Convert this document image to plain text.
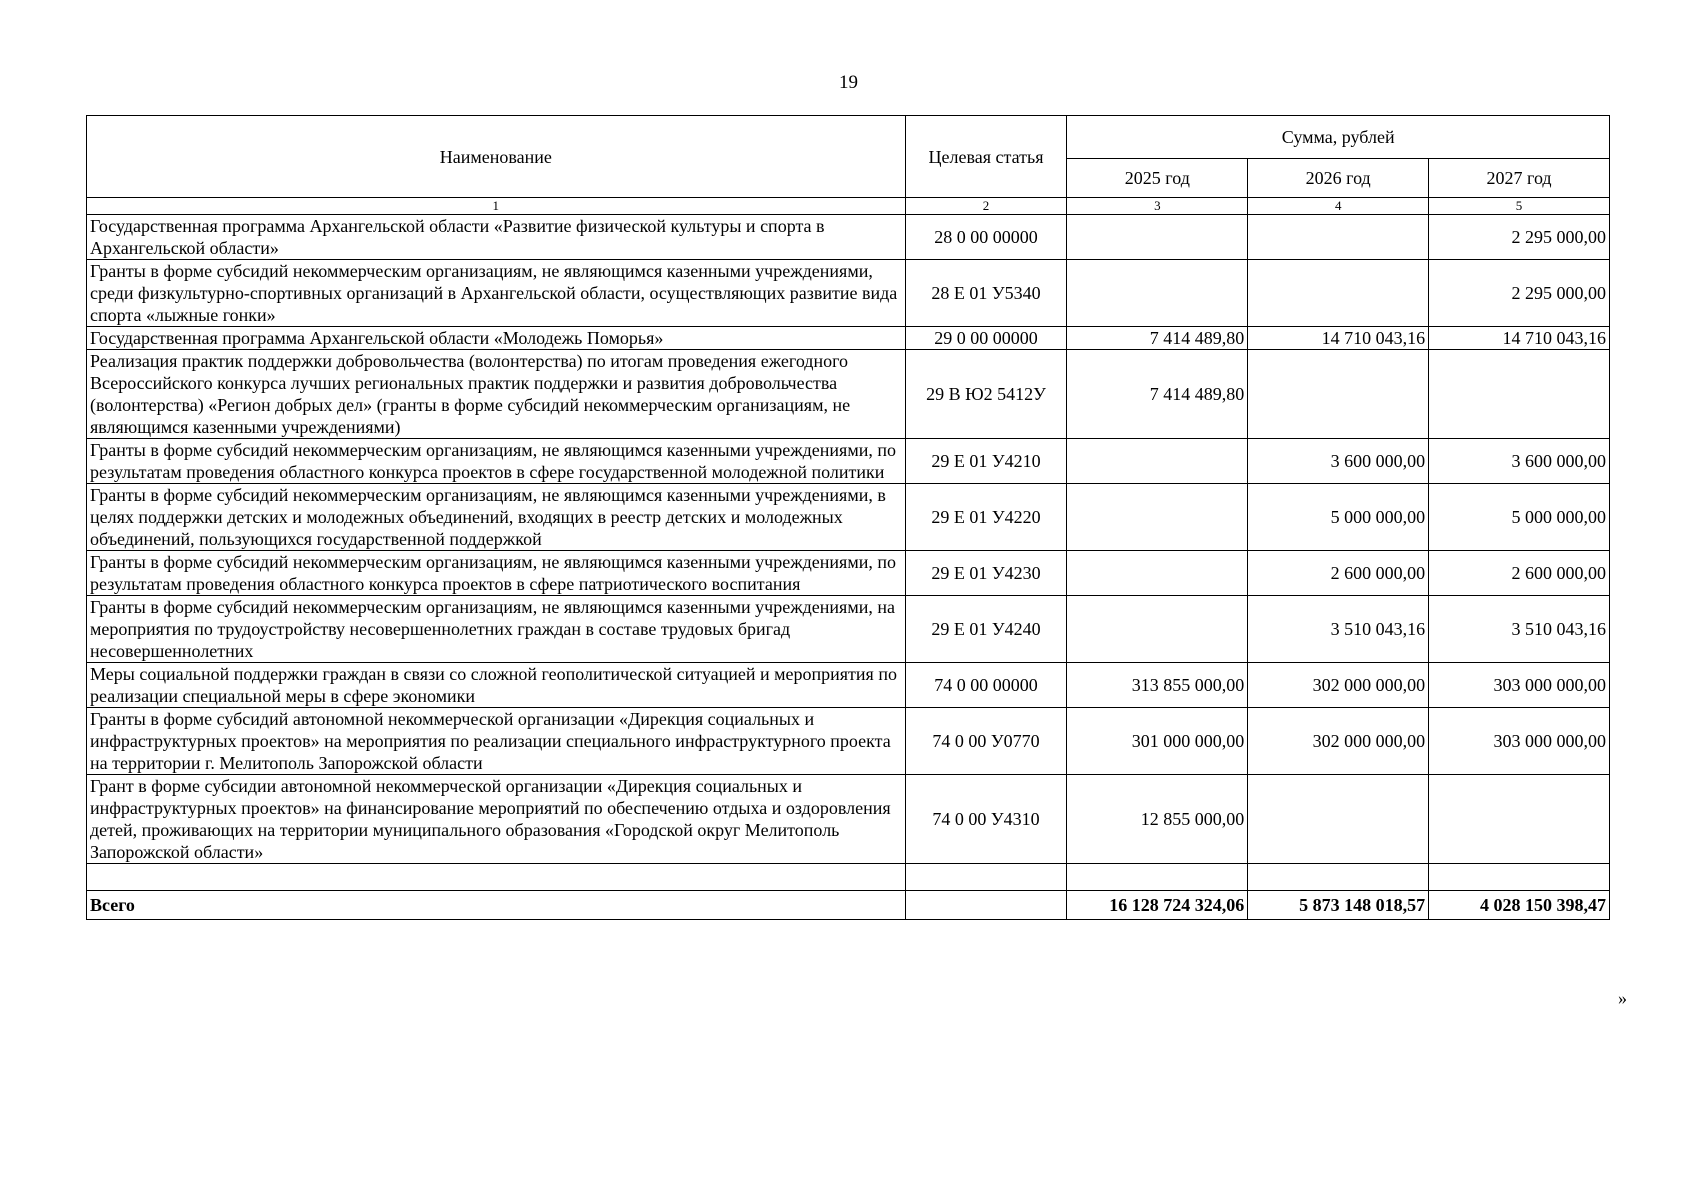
19
Наименование	Целевая статья	Сумма, рублей		
		2025 год	2026 год	2027 год
1	2	3	4	5
Государственная программа Архангельской области «Развитие физической культуры и спорта в Архангельской области»	28 0 00 00000			2 295 000,00
Гранты в форме субсидий некоммерческим организациям, не являющимся казенными учреждениями, среди физкультурно-спортивных организаций в Архангельской области, осуществляющих развитие вида спорта «лыжные гонки»	28 Е 01 У5340			2 295 000,00
Государственная программа Архангельской области «Молодежь Поморья»	29 0 00 00000	7 414 489,80	14 710 043,16	14 710 043,16
Реализация практик поддержки добровольчества (волонтерства) по итогам проведения ежегодного Всероссийского конкурса лучших региональных практик поддержки и развития добровольчества (волонтерства) «Регион добрых дел» (гранты в форме субсидий некоммерческим организациям, не являющимся казенными учреждениями)	29 В Ю2 5412У	7 414 489,80		
Гранты в форме субсидий некоммерческим организациям, не являющимся казенными учреждениями, по результатам проведения областного конкурса проектов в сфере государственной молодежной политики	29 Е 01 У4210		3 600 000,00	3 600 000,00
Гранты в форме субсидий некоммерческим организациям, не являющимся казенными учреждениями, в целях поддержки детских и молодежных объединений, входящих в реестр детских и молодежных объединений, пользующихся государственной поддержкой	29 Е 01 У4220		5 000 000,00	5 000 000,00
Гранты в форме субсидий некоммерческим организациям, не являющимся казенными учреждениями, по результатам проведения областного конкурса проектов в сфере патриотического воспитания	29 Е 01 У4230		2 600 000,00	2 600 000,00
Гранты в форме субсидий некоммерческим организациям, не являющимся казенными учреждениями, на мероприятия по трудоустройству несовершеннолетних граждан в составе трудовых бригад несовершеннолетних	29 Е 01 У4240		3 510 043,16	3 510 043,16
Меры социальной поддержки граждан в связи со сложной геополитической ситуацией и мероприятия по реализации специальной меры в сфере экономики	74 0 00 00000	313 855 000,00	302 000 000,00	303 000 000,00
Гранты в форме субсидий автономной некоммерческой организации «Дирекция социальных и инфраструктурных проектов» на мероприятия по реализации специального инфраструктурного проекта на территории г. Мелитополь Запорожской области	74 0 00 У0770	301 000 000,00	302 000 000,00	303 000 000,00
Грант в форме субсидии автономной некоммерческой организации «Дирекция социальных и инфраструктурных проектов» на финансирование мероприятий по обеспечению отдыха и оздоровления детей, проживающих на территории муниципального образования «Городской округ Мелитополь Запорожской области»	74 0 00 У4310	12 855 000,00		

Всего		16 128 724 324,06	5 873 148 018,57	4 028 150 398,47
»
